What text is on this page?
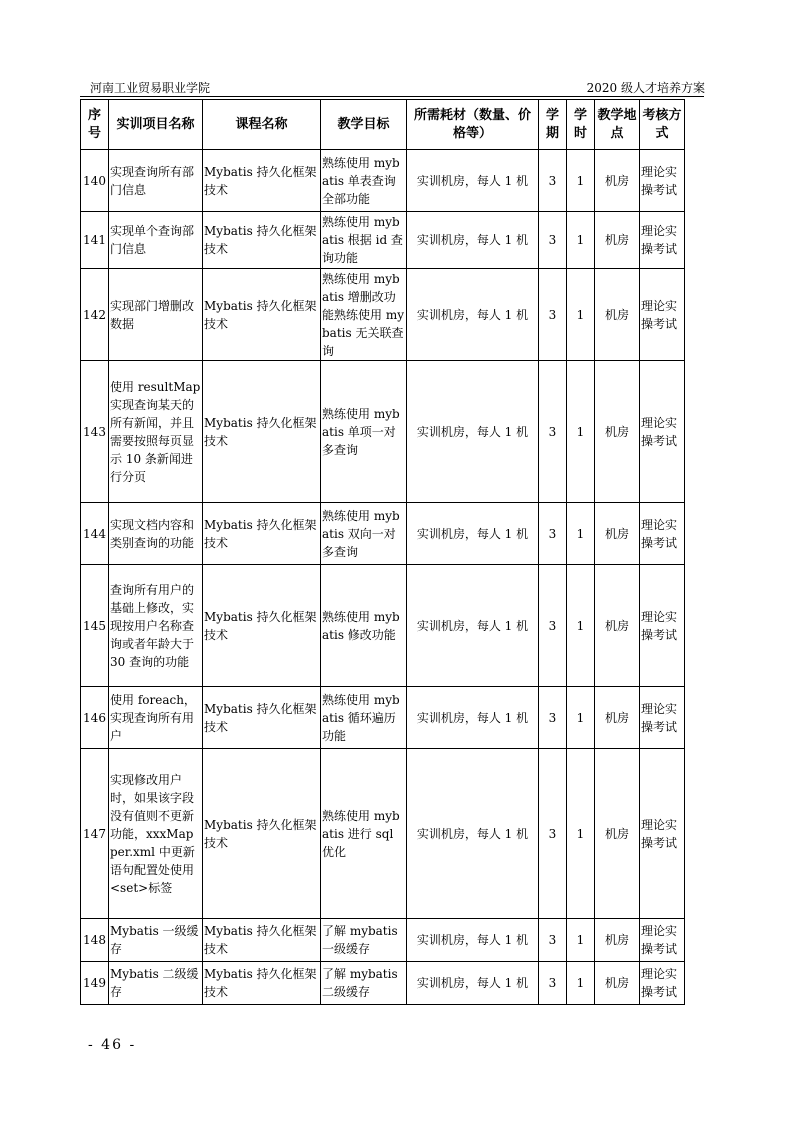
河南工业贸易职业学院	2020 级人才培养方案
序号	实训项目名称	课程名称	教学目标	所需耗材（数量、价格等）	学期	学时	教学地点	考核方式
140	实现查询所有部门信息	Mybatis 持久化框架技术	熟练使用 mybatis 单表查询全部功能	实训机房，每人 1 机	3	1	机房	理论实操考试
141	实现单个查询部门信息	Mybatis 持久化框架技术	熟练使用 mybatis 根据 id 查询功能	实训机房，每人 1 机	3	1	机房	理论实操考试
142	实现部门增删改数据	Mybatis 持久化框架技术	熟练使用 mybatis 增删改功能熟练使用 mybatis 无关联查询	实训机房，每人 1 机	3	1	机房	理论实操考试
143	使用 resultMap 实现查询某天的所有新闻，并且需要按照每页显示 10 条新闻进行分页	Mybatis 持久化框架技术	熟练使用 mybatis 单项一对多查询	实训机房，每人 1 机	3	1	机房	理论实操考试
144	实现文档内容和类别查询的功能	Mybatis 持久化框架技术	熟练使用 mybatis 双向一对多查询	实训机房，每人 1 机	3	1	机房	理论实操考试
145	查询所有用户的基础上修改，实现按用户名称查询或者年龄大于 30 查询的功能	Mybatis 持久化框架技术	熟练使用 mybatis 修改功能	实训机房，每人 1 机	3	1	机房	理论实操考试
146	使用 foreach，实现查询所有用户	Mybatis 持久化框架技术	熟练使用 mybatis 循环遍历功能	实训机房，每人 1 机	3	1	机房	理论实操考试
147	实现修改用户时，如果该字段没有值则不更新功能，xxxMapper.xml 中更新语句配置处使用<set>标签	Mybatis 持久化框架技术	熟练使用 mybatis 进行 sql 优化	实训机房，每人 1 机	3	1	机房	理论实操考试
148	Mybatis 一级缓存	Mybatis 持久化框架技术	了解 mybatis 一级缓存	实训机房，每人 1 机	3	1	机房	理论实操考试
149	Mybatis 二级缓存	Mybatis 持久化框架技术	了解 mybatis 二级缓存	实训机房，每人 1 机	3	1	机房	理论实操考试
- 46 -
